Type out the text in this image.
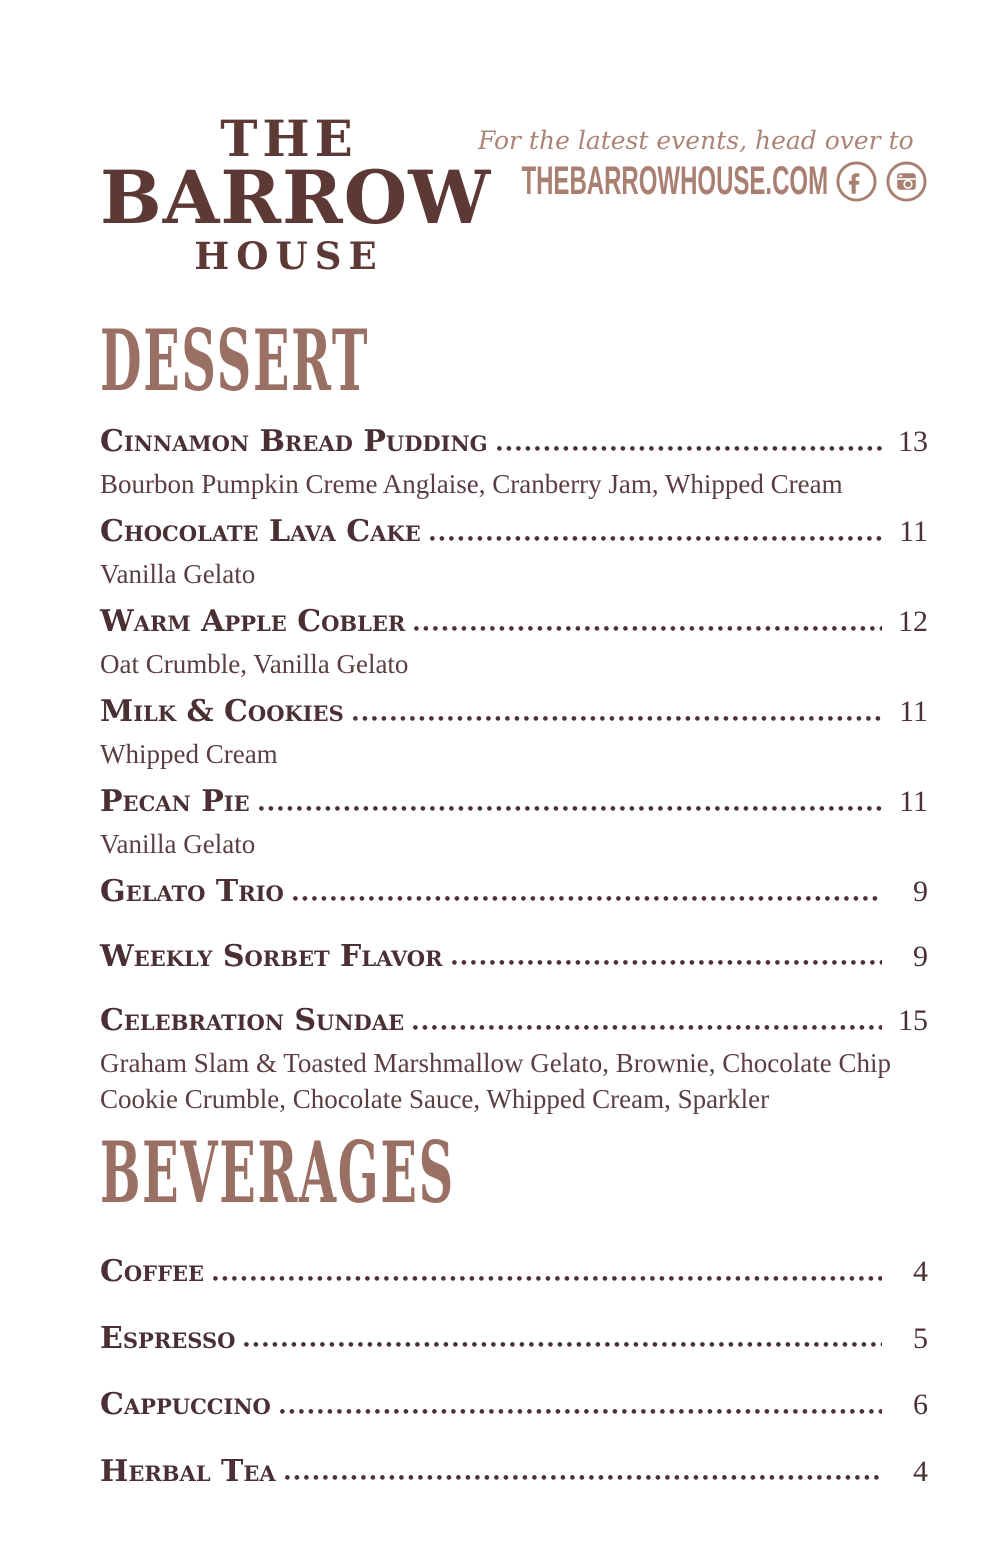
THE
BARROW
HOUSE
For the latest events, head over to
THEBARROWHOUSE.COM
DESSERT
Cinnamon Bread Pudding	13
Bourbon Pumpkin Creme Anglaise, Cranberry Jam, Whipped Cream
Chocolate Lava Cake	11
Vanilla Gelato
Warm Apple Cobler	12
Oat Crumble, Vanilla Gelato
Milk & Cookies	11
Whipped Cream
Pecan Pie	11
Vanilla Gelato
Gelato Trio	9
Weekly Sorbet Flavor	9
Celebration Sundae	15
Graham Slam & Toasted Marshmallow Gelato, Brownie, Chocolate Chip Cookie Crumble, Chocolate Sauce, Whipped Cream, Sparkler
BEVERAGES
Coffee	4
Espresso	5
Cappuccino	6
Herbal Tea	4
